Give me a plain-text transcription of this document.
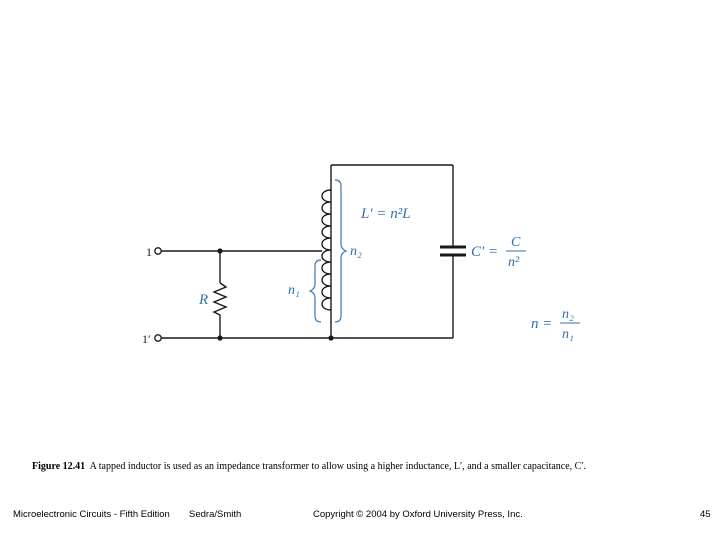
1
1′
R
L′ = n²L
n₂
n₁
C′ =
C
n²
n =
n₂
n₁
Figure 12.41 A tapped inductor is used as an impedance transformer to allow using a higher inductance, L′, and a smaller capacitance, C′.
Microelectronic Circuits - Fifth Edition Sedra/Smith	Copyright © 2004 by Oxford University Press, Inc.	45
